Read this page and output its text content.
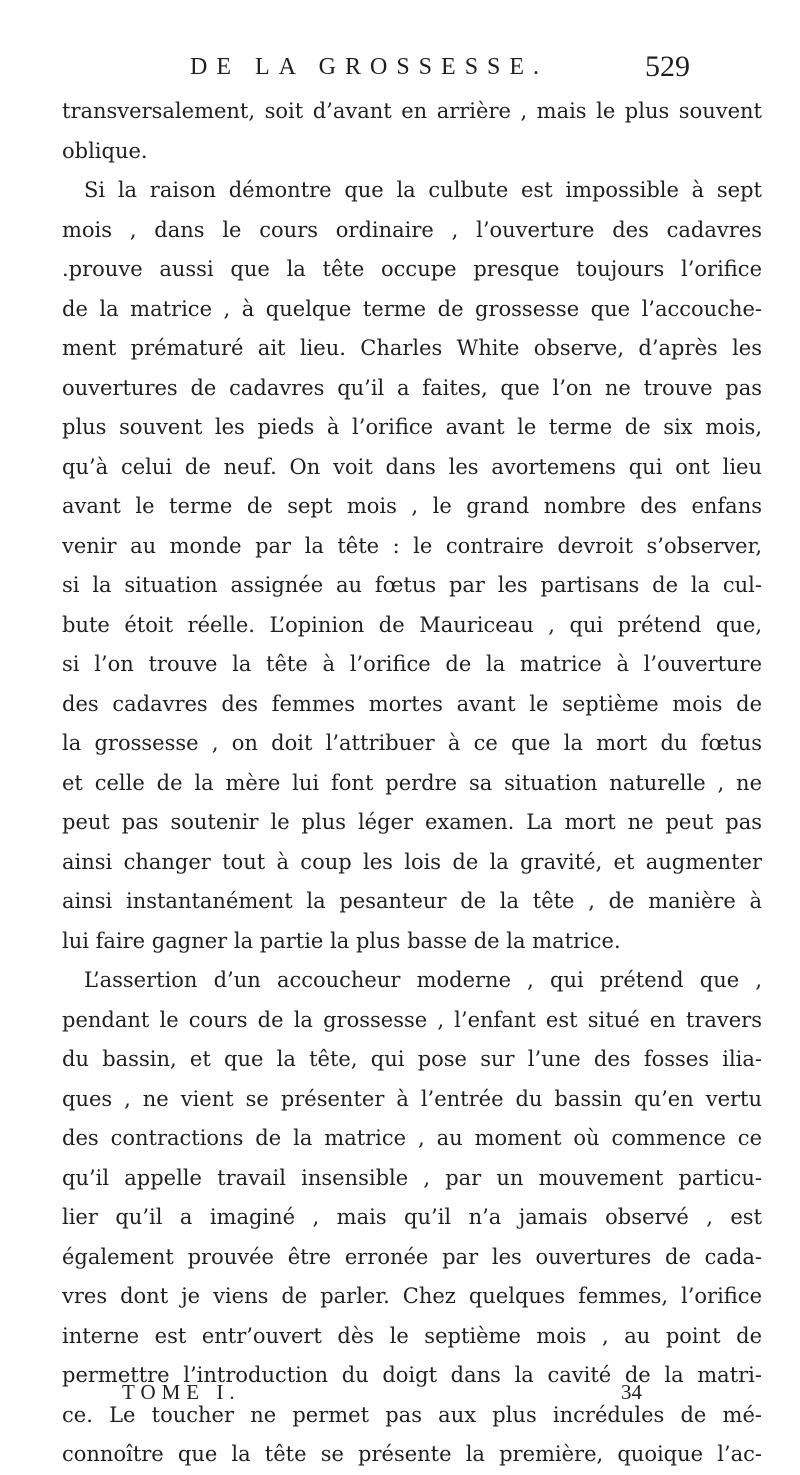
DE LA GROSSESSE.	529
transversalement, soit d’avant en arrière , mais le plus souvent
oblique.
Si la raison démontre que la culbute est impossible à sept
mois , dans le cours ordinaire , l’ouverture des cadavres
.prouve aussi que la tête occupe presque toujours l’orifice
de la matrice , à quelque terme de grossesse que l’accouche-
ment prématuré ait lieu. Charles White observe, d’après les
ouvertures de cadavres qu’il a faites, que l’on ne trouve pas
plus souvent les pieds à l’orifice avant le terme de six mois,
qu’à celui de neuf. On voit dans les avortemens qui ont lieu
avant le terme de sept mois , le grand nombre des enfans
venir au monde par la tête : le contraire devroit s’observer,
si la situation assignée au fœtus par les partisans de la cul-
bute étoit réelle. L’opinion de Mauriceau , qui prétend que,
si l’on trouve la tête à l’orifice de la matrice à l’ouverture
des cadavres des femmes mortes avant le septième mois de
la grossesse , on doit l’attribuer à ce que la mort du fœtus
et celle de la mère lui font perdre sa situation naturelle , ne
peut pas soutenir le plus léger examen. La mort ne peut pas
ainsi changer tout à coup les lois de la gravité, et augmenter
ainsi instantanément la pesanteur de la tête , de manière à
lui faire gagner la partie la plus basse de la matrice.
L’assertion d’un accoucheur moderne , qui prétend que ,
pendant le cours de la grossesse , l’enfant est situé en travers
du bassin, et que la tête, qui pose sur l’une des fosses ilia-
ques , ne vient se présenter à l’entrée du bassin qu’en vertu
des contractions de la matrice , au moment où commence ce
qu’il appelle travail insensible , par un mouvement particu-
lier qu’il a imaginé , mais qu’il n’a jamais observé , est
également prouvée être erronée par les ouvertures de cada-
vres dont je viens de parler. Chez quelques femmes, l’orifice
interne est entr’ouvert dès le septième mois , au point de
permettre l’introduction du doigt dans la cavité de la matri-
ce. Le toucher ne permet pas aux plus incrédules de mé-
connoître que la tête se présente la première, quoique l’ac-
TOME I.	34
